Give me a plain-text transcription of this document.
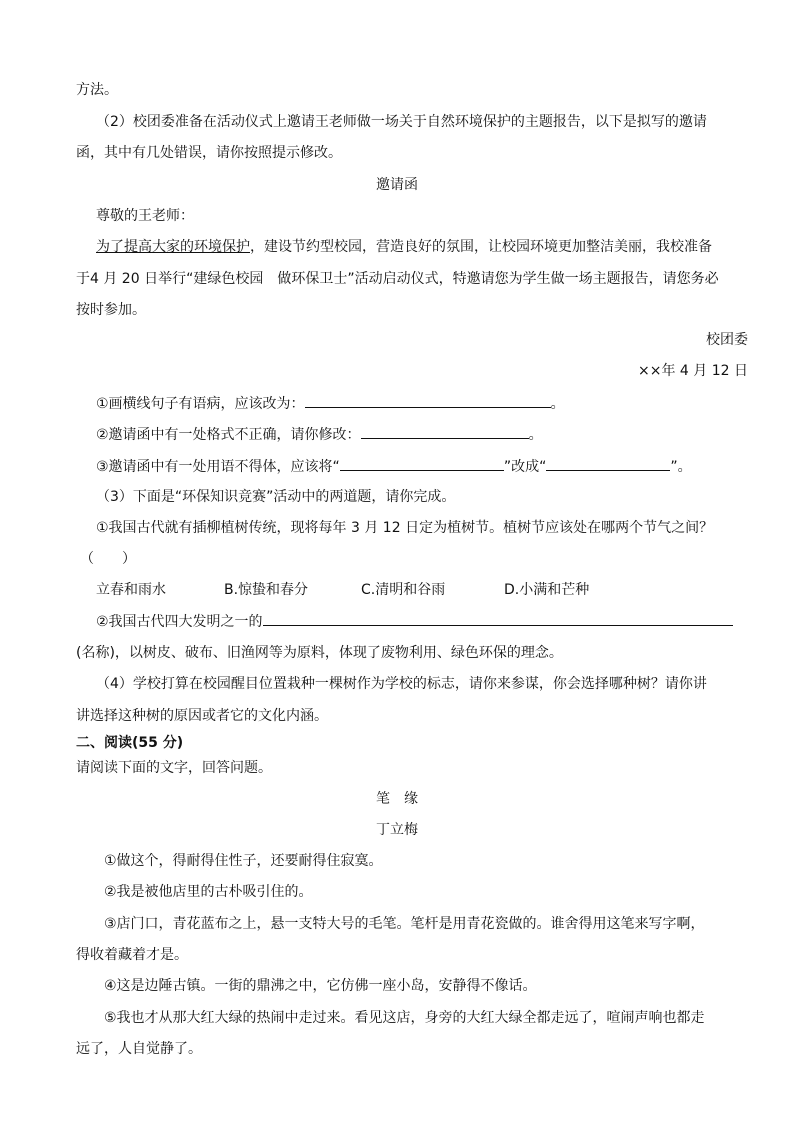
方法。
（2）校团委准备在活动仪式上邀请王老师做一场关于自然环境保护的主题报告，以下是拟写的邀请
函，其中有几处错误，请你按照提示修改。
邀请函
尊敬的王老师：
为了提高大家的环境保护，建设节约型校园，营造良好的氛围，让校园环境更加整洁美丽，我校准备
于4 月 20 日举行“建绿色校园　做环保卫士”活动启动仪式，特邀请您为学生做一场主题报告，请您务必
按时参加。
校团委
××年 4 月 12 日
①画横线句子有语病，应该改为：	。
②邀请函中有一处格式不正确，请你修改：	。
③邀请函中有一处用语不得体，应该将“	”改成“	”。
（3）下面是“环保知识竞赛”活动中的两道题，请你完成。
①我国古代就有插柳植树传统，现将每年 3 月 12 日定为植树节。植树节应该处在哪两个节气之间？
（　　）
立春和雨水	B.惊蛰和春分	C.清明和谷雨	D.小满和芒种
②我国古代四大发明之一的
(名称)，以树皮、破布、旧渔网等为原料，体现了废物利用、绿色环保的理念。
（4）学校打算在校园醒目位置栽种一棵树作为学校的标志，请你来参谋，你会选择哪种树？请你讲
讲选择这种树的原因或者它的文化内涵。
二、阅读(55 分)
请阅读下面的文字，回答问题。
笔　缘
丁立梅
①做这个，得耐得住性子，还要耐得住寂寞。
②我是被他店里的古朴吸引住的。
③店门口，青花蓝布之上，悬一支特大号的毛笔。笔杆是用青花瓷做的。谁舍得用这笔来写字啊，
得收着藏着才是。
④这是边陲古镇。一街的鼎沸之中，它仿佛一座小岛，安静得不像话。
⑤我也才从那大红大绿的热闹中走过来。看见这店，身旁的大红大绿全都走远了，喧闹声响也都走
远了，人自觉静了。
